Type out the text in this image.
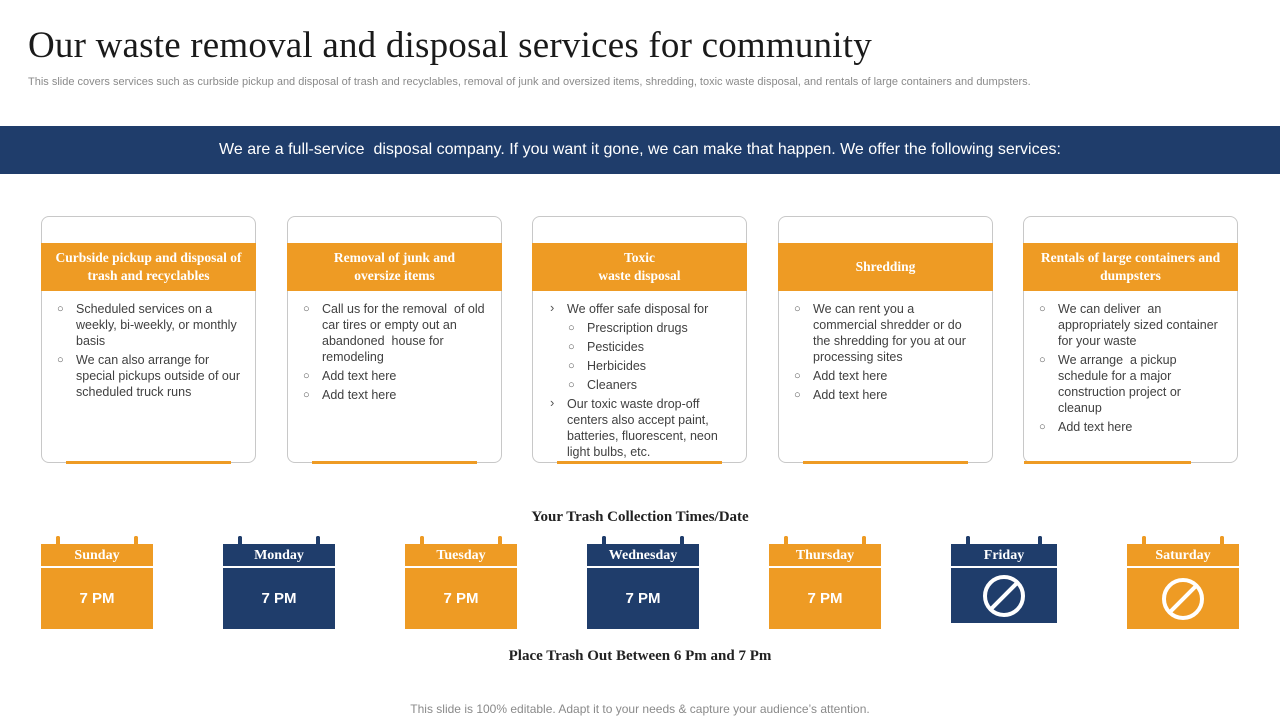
Our waste removal and disposal services for community
This slide covers services such as curbside pickup and disposal of trash and recyclables, removal of junk and oversized items, shredding, toxic waste disposal, and rentals of large containers and dumpsters.
We are a full-service  disposal company. If you want it gone, we can make that happen. We offer the following services:
Curbside pickup and disposal of trash and recyclables
○ Scheduled services on a weekly, bi-weekly, or monthly basis
○ We can also arrange for special pickups outside of our scheduled truck runs
Removal of junk and oversize items
○ Call us for the removal  of old car tires or empty out an abandoned  house for remodeling
○ Add text here
○ Add text here
Toxic
waste disposal
› We offer safe disposal for
○ Prescription drugs
○ Pesticides
○ Herbicides
○ Cleaners
› Our toxic waste drop-off centers also accept paint, batteries, fluorescent, neon light bulbs, etc.
Shredding
○ We can rent you a commercial shredder or do the shredding for you at our processing sites
○ Add text here
○ Add text here
Rentals of large containers and dumpsters
○ We can deliver  an appropriately sized container for your waste
○ We arrange  a pickup schedule for a major construction project or cleanup
○ Add text here
Your Trash Collection Times/Date
Sunday
7 PM
Monday
7 PM
Tuesday
7 PM
Wednesday
7 PM
Thursday
7 PM
Friday	Saturday
Place Trash Out Between 6 Pm and 7 Pm
This slide is 100% editable. Adapt it to your needs & capture your audience’s attention.
